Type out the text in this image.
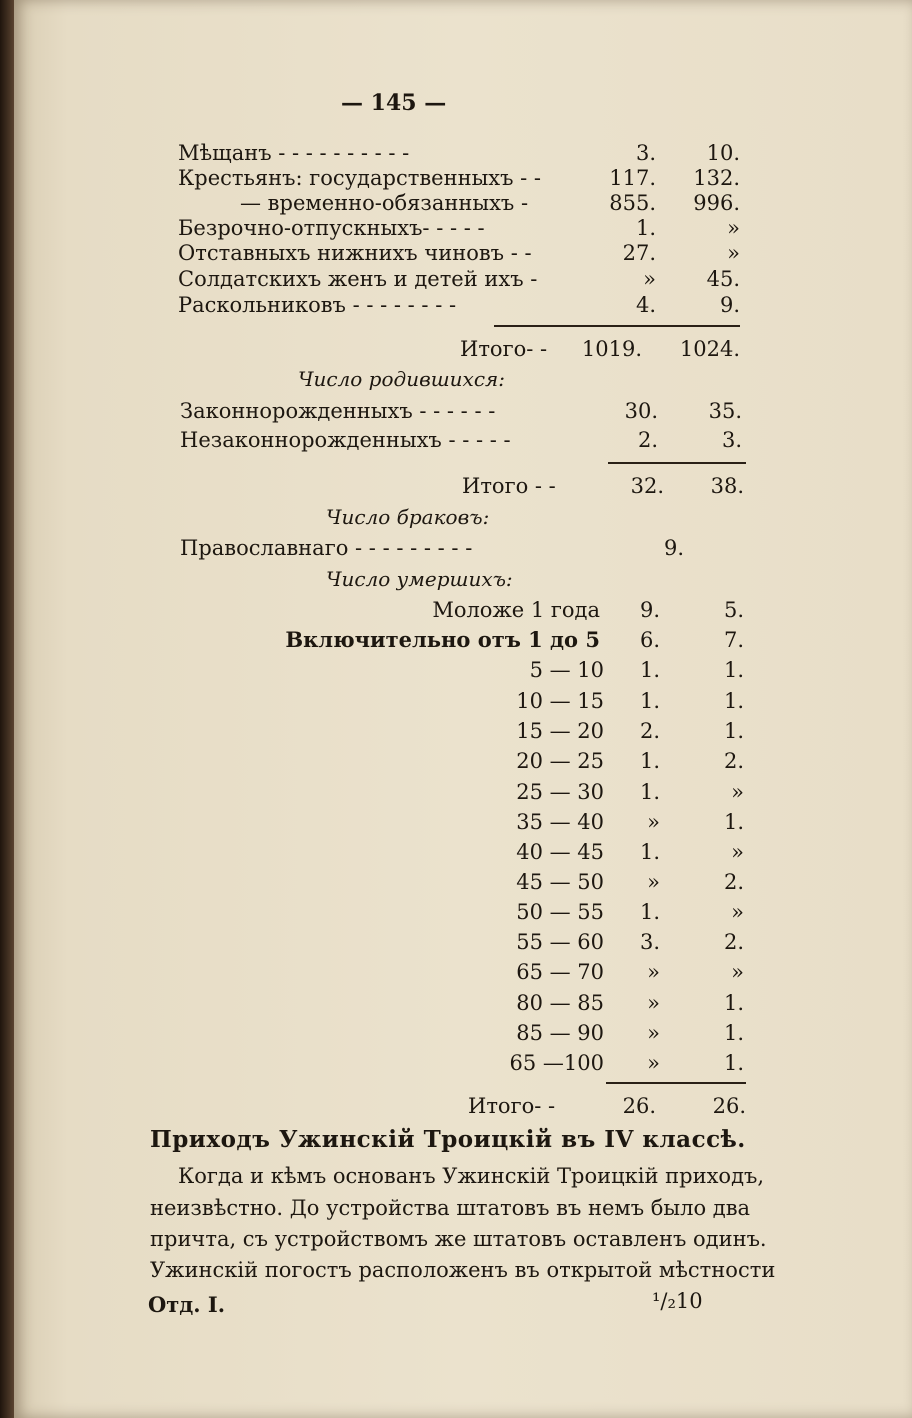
— 145 —
Мѣщанъ - - - - - - - - - -	3.	10.
Крестьянъ: государственныхъ - -	117.	132.
— временно-обязанныхъ -	855.	996.
Безрочно-отпускныхъ- - - - -	1.	»
Отставныхъ нижнихъ чиновъ - -	27.	»
Солдатскихъ женъ и детей ихъ -	»	45.
Раскольниковъ - - - - - - - -	4.	9.
Итого- -	1019.	1024.
Число родившихся:
Законнорожденныхъ - - - - - -	30.	35.
Незаконнорожденныхъ - - - - -	2.	3.
Итого - -	32.	38.
Число браковъ:
Православнаго - - - - - - - - -	9.
Число умершихъ:
Моложе 1 года	9.	5.
Включительно отъ 1 до 5	6.	7.
5 — 10	1.	1.
10 — 15	1.	1.
15 — 20	2.	1.
20 — 25	1.	2.
25 — 30	1.	»
35 — 40	»	1.
40 — 45	1.	»
45 — 50	»	2.
50 — 55	1.	»
55 — 60	3.	2.
65 — 70	»	»
80 — 85	»	1.
85 — 90	»	1.
65 —100	»	1.
Итого- -	26.	26.
Приходъ Ужинскій Троицкій въ IV классѣ.
Когда и кѣмъ основанъ Ужинскій Троицкій приходъ,
неизвѣстно. До устройства штатовъ въ немъ было два
причта, съ устройствомъ же штатовъ оставленъ одинъ.
Ужинскій погостъ расположенъ въ открытой мѣстности
Отд. I.	¹/₂10
